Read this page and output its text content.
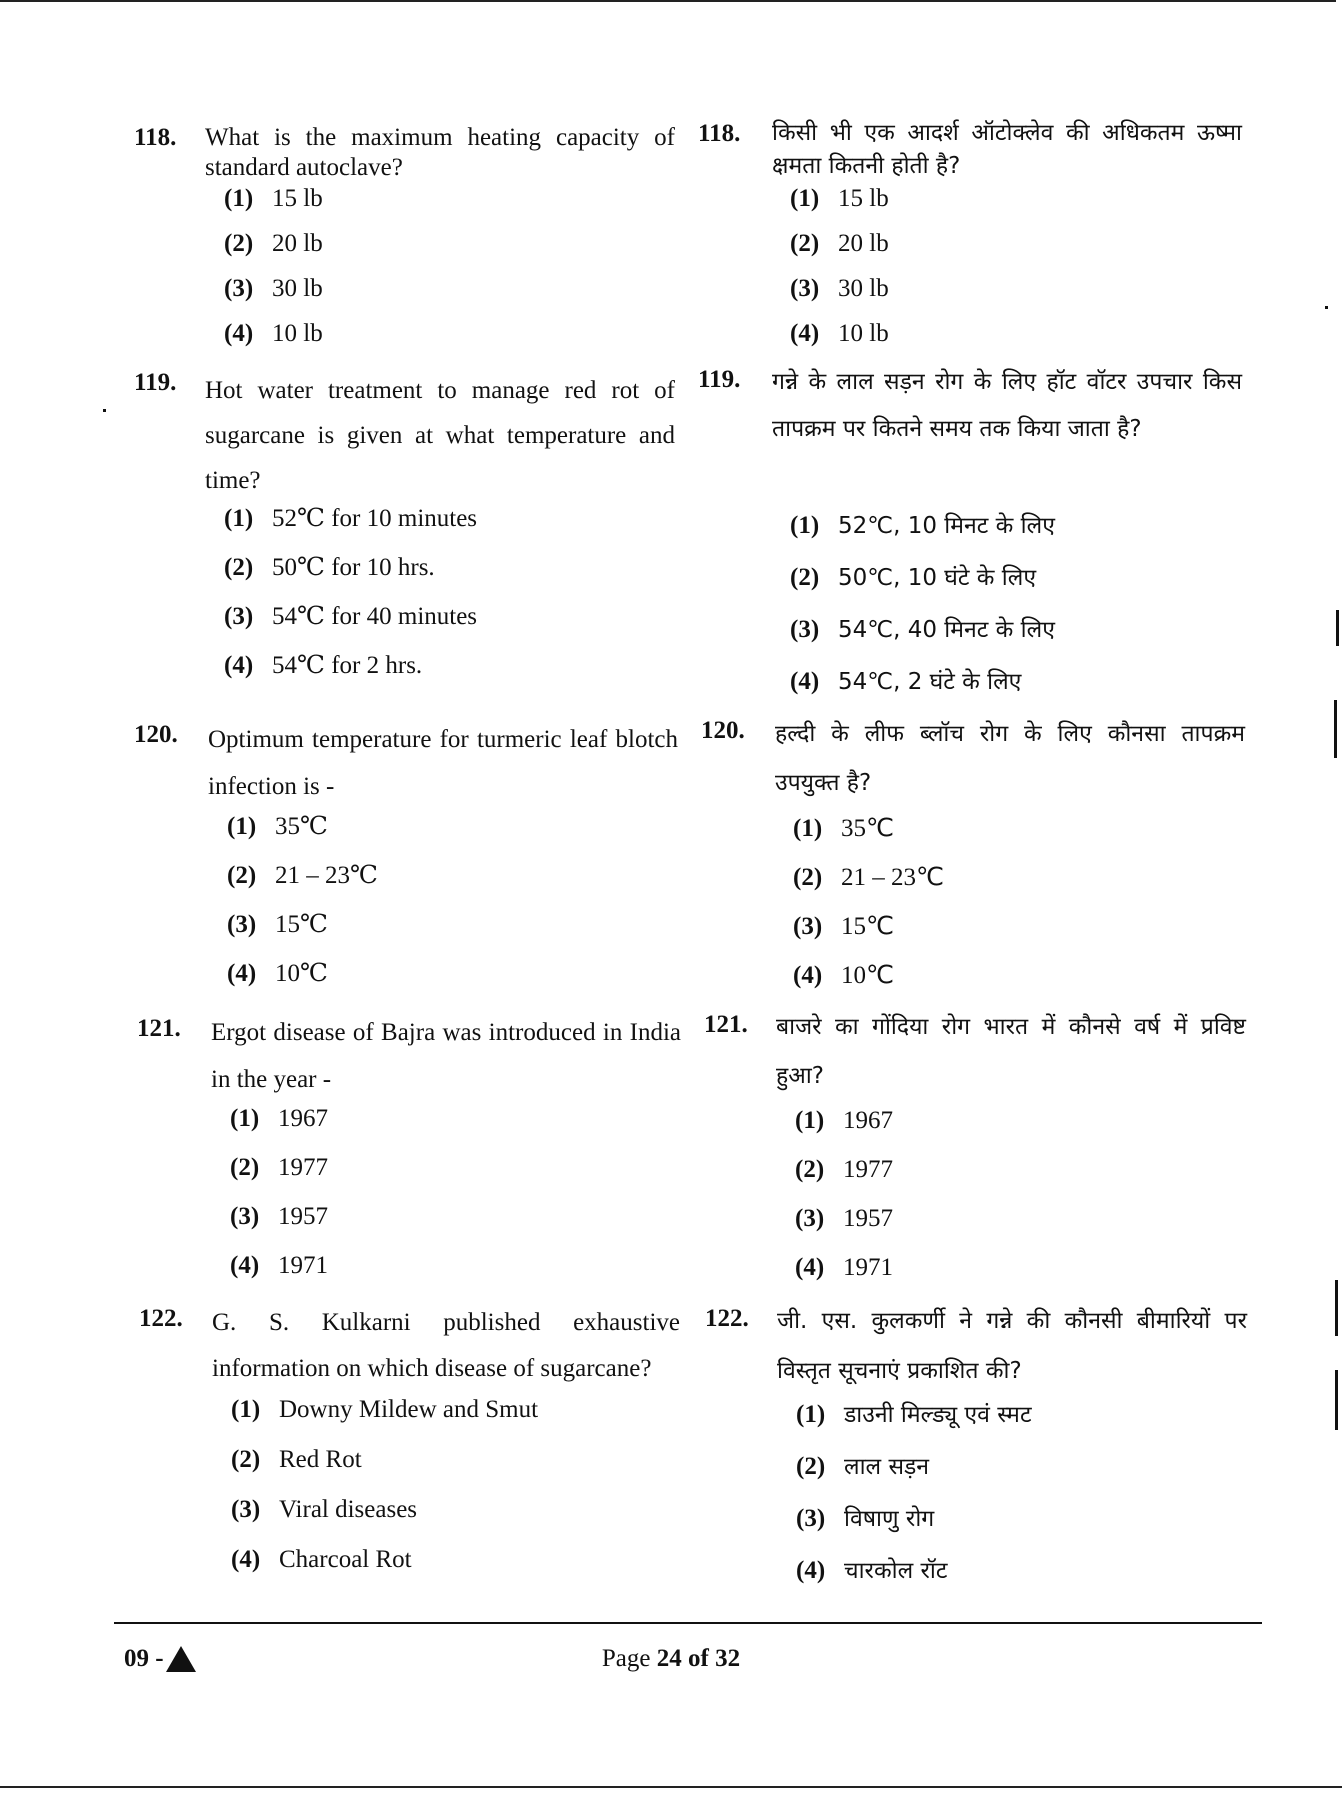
118. What is the maximum heating capacity of standard autoclave?

(1) 15 lb
(2) 20 lb
(3) 30 lb
(4) 10 lb
118. किसी भी एक आदर्श ऑटोक्लेव की अधिकतम ऊष्मा क्षमता कितनी होती है?

(1) 15 lb
(2) 20 lb
(3) 30 lb
(4) 10 lb
119. Hot water treatment to manage red rot of sugarcane is given at what temperature and time?

(1) 52℃ for 10 minutes
(2) 50℃ for 10 hrs.
(3) 54℃ for 40 minutes
(4) 54℃ for 2 hrs.
119. गन्ने के लाल सड़न रोग के लिए हॉट वॉटर उपचार किस तापक्रम पर कितने समय तक किया जाता है?

(1) 52℃, 10 मिनट के लिए
(2) 50℃, 10 घंटे के लिए
(3) 54℃, 40 मिनट के लिए
(4) 54℃, 2 घंटे के लिए
120. Optimum temperature for turmeric leaf blotch infection is -

(1) 35℃
(2) 21 – 23℃
(3) 15℃
(4) 10℃
120. हल्दी के लीफ ब्लॉच रोग के लिए कौनसा तापक्रम उपयुक्त है?

(1) 35℃
(2) 21 – 23℃
(3) 15℃
(4) 10℃
121. Ergot disease of Bajra was introduced in India in the year -

(1) 1967
(2) 1977
(3) 1957
(4) 1971
121. बाजरे का गोंदिया रोग भारत में कौनसे वर्ष में प्रविष्ट हुआ?

(1) 1967
(2) 1977
(3) 1957
(4) 1971
122. G. S. Kulkarni published exhaustive information on which disease of sugarcane?

(1) Downy Mildew and Smut
(2) Red Rot
(3) Viral diseases
(4) Charcoal Rot
122. जी. एस. कुलकर्णी ने गन्ने की कौनसी बीमारियों पर विस्तृत सूचनाएं प्रकाशित की?

(1) डाउनी मिल्ड्यू एवं स्मट
(2) लाल सड़न
(3) विषाणु रोग
(4) चारकोल रॉट
09 -	Page 24 of 32
